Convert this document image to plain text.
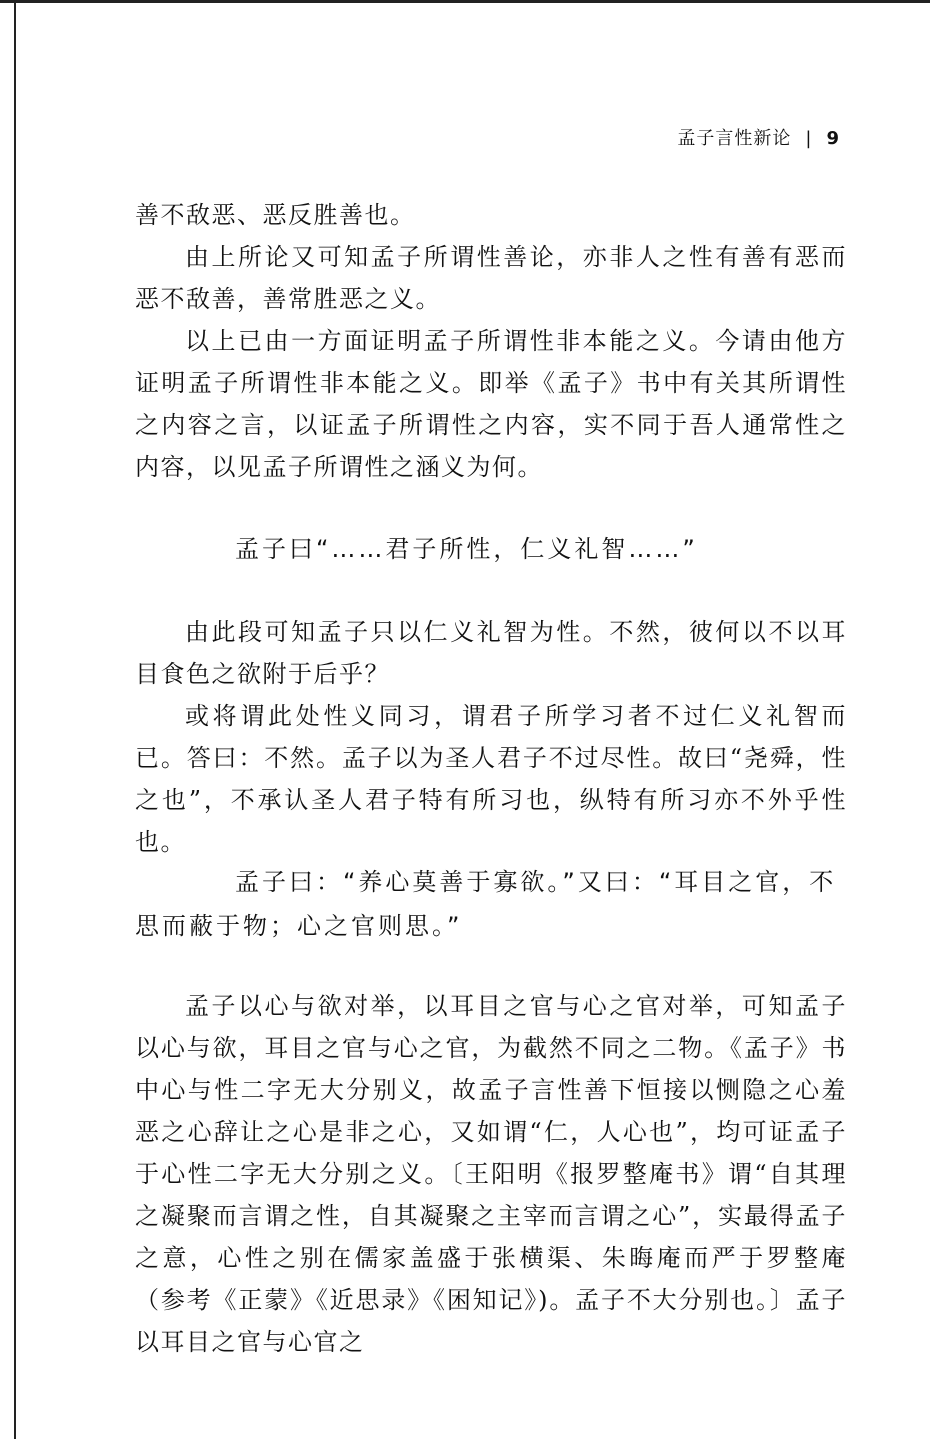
孟子言性新论 | 9

善不敌恶、恶反胜善也。

由上所论又可知孟子所谓性善论，亦非人之性有善有恶而恶不敌善，善常胜恶之义。

以上已由一方面证明孟子所谓性非本能之义。今请由他方证明孟子所谓性非本能之义。即举《孟子》书中有关其所谓性之内容之言，以证孟子所谓性之内容，实不同于吾人通常性之内容，以见孟子所谓性之涵义为何。

孟子曰“……君子所性，仁义礼智……”

由此段可知孟子只以仁义礼智为性。不然，彼何以不以耳目食色之欲附于后乎？

或将谓此处性义同习，谓君子所学习者不过仁义礼智而已。答曰：不然。孟子以为圣人君子不过尽性。故曰“尧舜，性之也”，不承认圣人君子特有所习也，纵特有所习亦不外乎性也。

孟子曰：“养心莫善于寡欲。”又曰：“耳目之官，不思而蔽于物；心之官则思。”

孟子以心与欲对举，以耳目之官与心之官对举，可知孟子以心与欲，耳目之官与心之官，为截然不同之二物。《孟子》书中心与性二字无大分别义，故孟子言性善下恒接以恻隐之心羞恶之心辞让之心是非之心，又如谓“仁，人心也”，均可证孟子于心性二字无大分别之义。〔王阳明《报罗整庵书》谓“自其理之凝聚而言谓之性，自其凝聚之主宰而言谓之心”，实最得孟子之意，心性之别在儒家盖盛于张横渠、朱晦庵而严于罗整庵（参考《正蒙》《近思录》《困知记》)。孟子不大分别也。〕孟子以耳目之官与心官之
